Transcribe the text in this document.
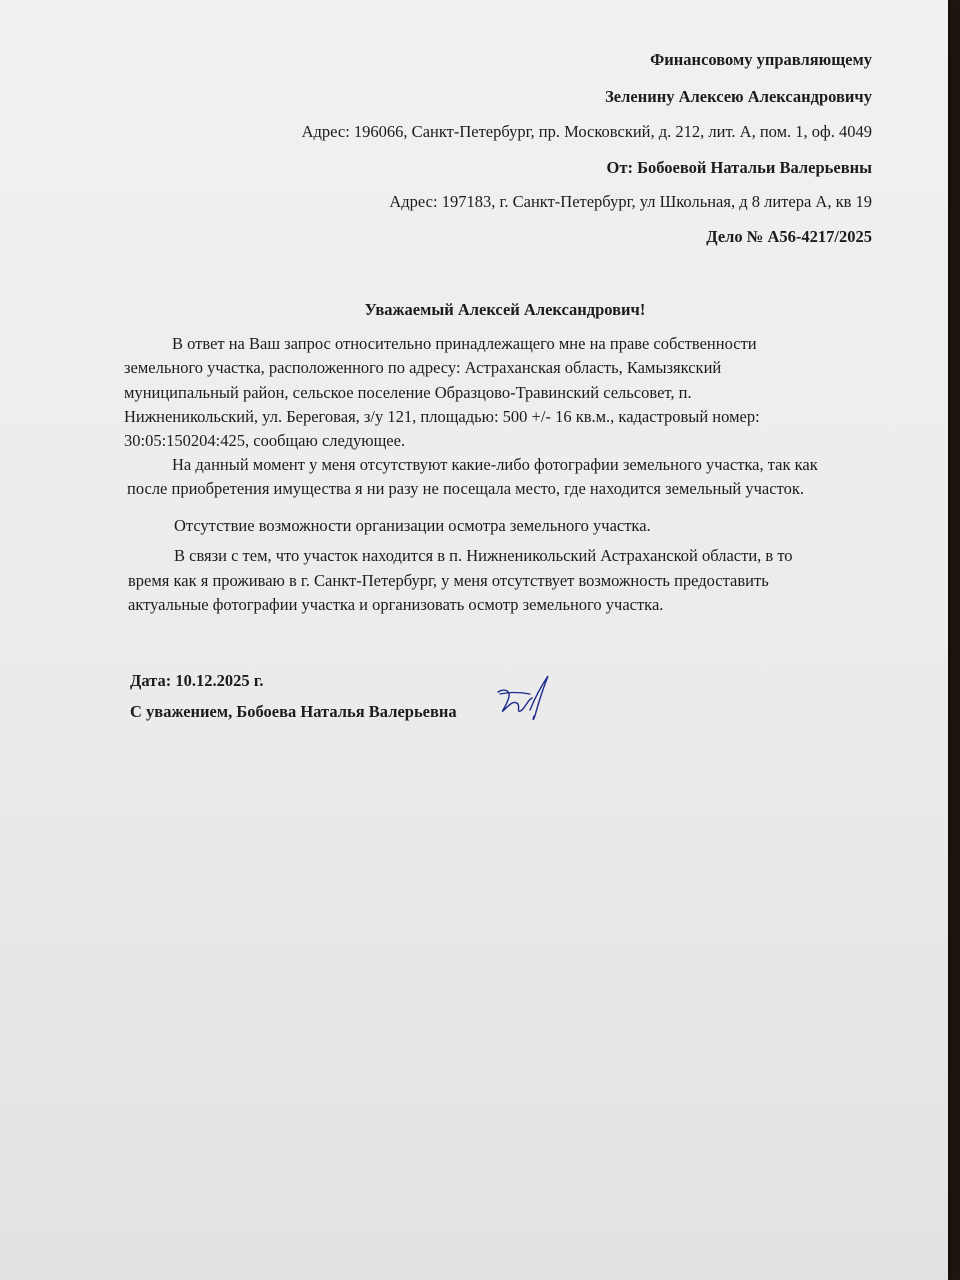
Финансовому управляющему
Зеленину Алексею Александровичу
Адрес: 196066, Санкт-Петербург, пр. Московский, д. 212, лит. А, пом. 1, оф. 4049
От: Бобоевой Натальи Валерьевны
Адрес: 197183, г. Санкт-Петербург, ул Школьная, д 8 литера А, кв 19
Дело № А56-4217/2025
Уважаемый Алексей Александрович!
В ответ на Ваш запрос относительно принадлежащего мне на праве собственности
земельного участка, расположенного по адресу: Астраханская область, Камызякский
муниципальный район, сельское поселение Образцово-Травинский сельсовет, п.
Нижненикольский, ул. Береговая, з/у 121, площадью: 500 +/- 16 кв.м., кадастровый номер:
30:05:150204:425, сообщаю следующее.
На данный момент у меня отсутствуют какие-либо фотографии земельного участка, так как
после приобретения имущества я ни разу не посещала место, где находится земельный участок.
Отсутствие возможности организации осмотра земельного участка.
В связи с тем, что участок находится в п. Нижненикольский Астраханской области, в то
время как я проживаю в г. Санкт-Петербург, у меня отсутствует возможность предоставить
актуальные фотографии участка и организовать осмотр земельного участка.
Дата: 10.12.2025 г.
С уважением, Бобоева Наталья Валерьевна
